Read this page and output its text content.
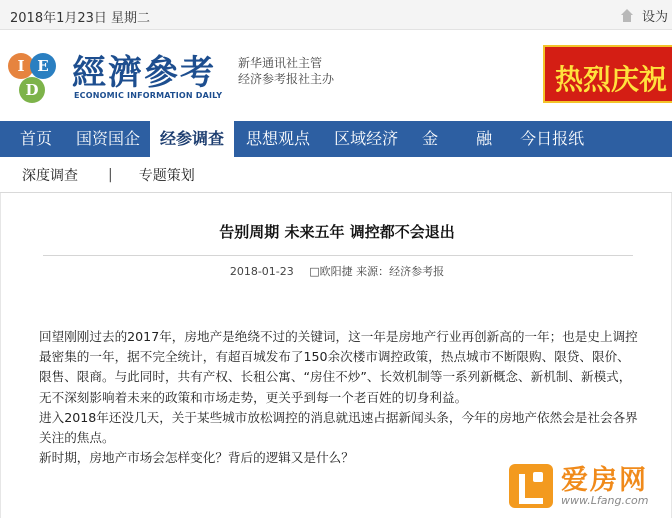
2018年1月23日 星期二	设为
I E
D 經濟參考
ECONOMIC INFORMATION DAILY
新华通讯社主管
经济参考报社主办	热烈庆祝
首页	国资国企	经参调查	思想观点	区域经济	金	融	今日报纸
深度调查 | 专题策划
告别周期 未来五年 调控都不会退出
2018-01-23 □欧阳捷 来源：经济参考报

回望刚刚过去的2017年，房地产是绝绕不过的关键词，这一年是房地产行业再创新高的一年；也是史上调控最密集的一年，据不完全统计，有超百城发布了150余次楼市调控政策，热点城市不断限购、限贷、限价、限售、限商。与此同时，共有产权、长租公寓、“房住不炒”、长效机制等一系列新概念、新机制、新模式，无不深刻影响着未来的政策和市场走势，更关乎到每一个老百姓的切身利益。

进入2018年还没几天，关于某些城市放松调控的消息就迅速占据新闻头条，今年的房地产依然会是社会各界关注的焦点。

新时期，房地产市场会怎样变化？背后的逻辑又是什么？

爱房网
www.Lfang.com
